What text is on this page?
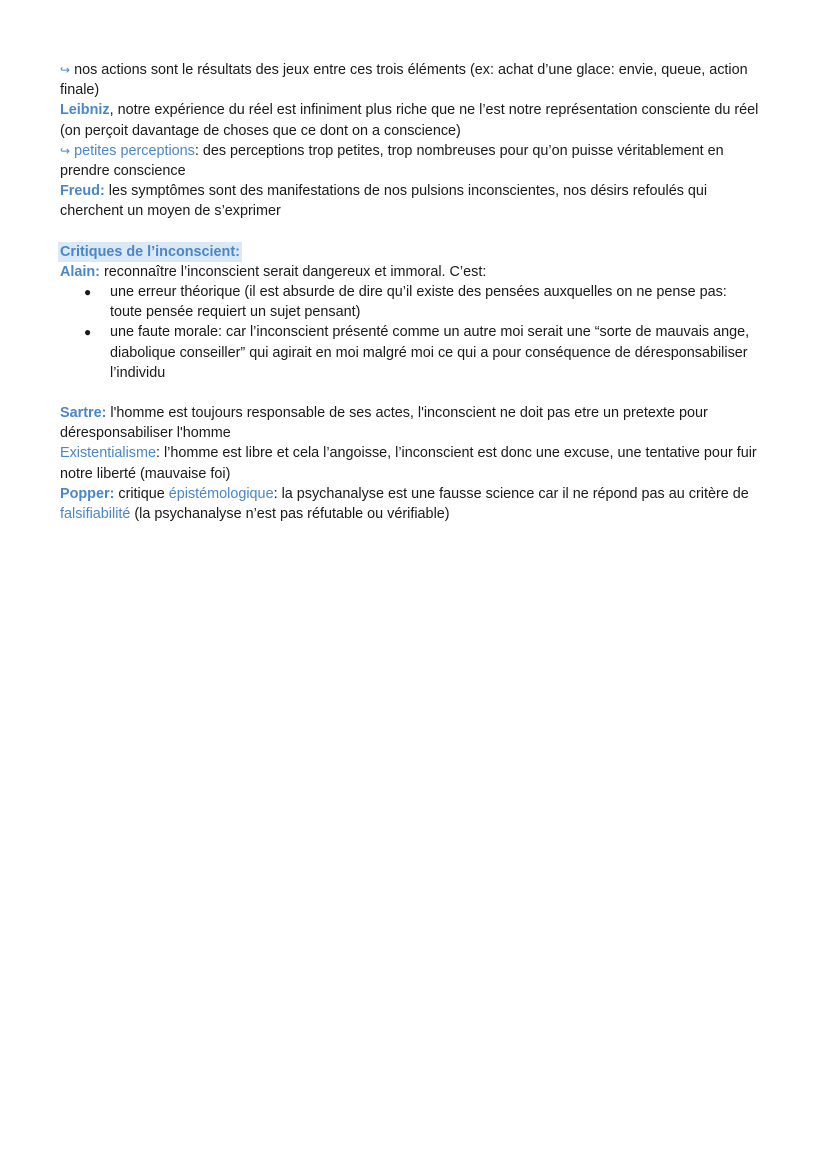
↪ nos actions sont le résultats des jeux entre ces trois éléments (ex: achat d’une glace: envie, queue, action finale)

Leibniz, notre expérience du réel est infiniment plus riche que ne l’est notre représentation consciente du réel (on perçoit davantage de choses que ce dont on a conscience)

↪ petites perceptions: des perceptions trop petites, trop nombreuses pour qu’on puisse véritablement en prendre conscience

Freud: les symptômes sont des manifestations de nos pulsions inconscientes, nos désirs refoulés qui cherchent un moyen de s’exprimer

Critiques de l’inconscient:

Alain: reconnaître l’inconscient serait dangereux et immoral. C’est:

● une erreur théorique (il est absurde de dire qu’il existe des pensées auxquelles on ne pense pas: toute pensée requiert un sujet pensant)
● une faute morale: car l’inconscient présenté comme un autre moi serait une “sorte de mauvais ange, diabolique conseiller” qui agirait en moi malgré moi ce qui a pour conséquence de déresponsabiliser l’individu

Sartre: l'homme est toujours responsable de ses actes, l'inconscient ne doit pas etre un pretexte pour déresponsabiliser l'homme

Existentialisme: l’homme est libre et cela l’angoisse, l’inconscient est donc une excuse, une tentative pour fuir notre liberté (mauvaise foi)

Popper: critique épistémologique: la psychanalyse est une fausse science car il ne répond pas au critère de falsifiabilité (la psychanalyse n’est pas réfutable ou vérifiable)
